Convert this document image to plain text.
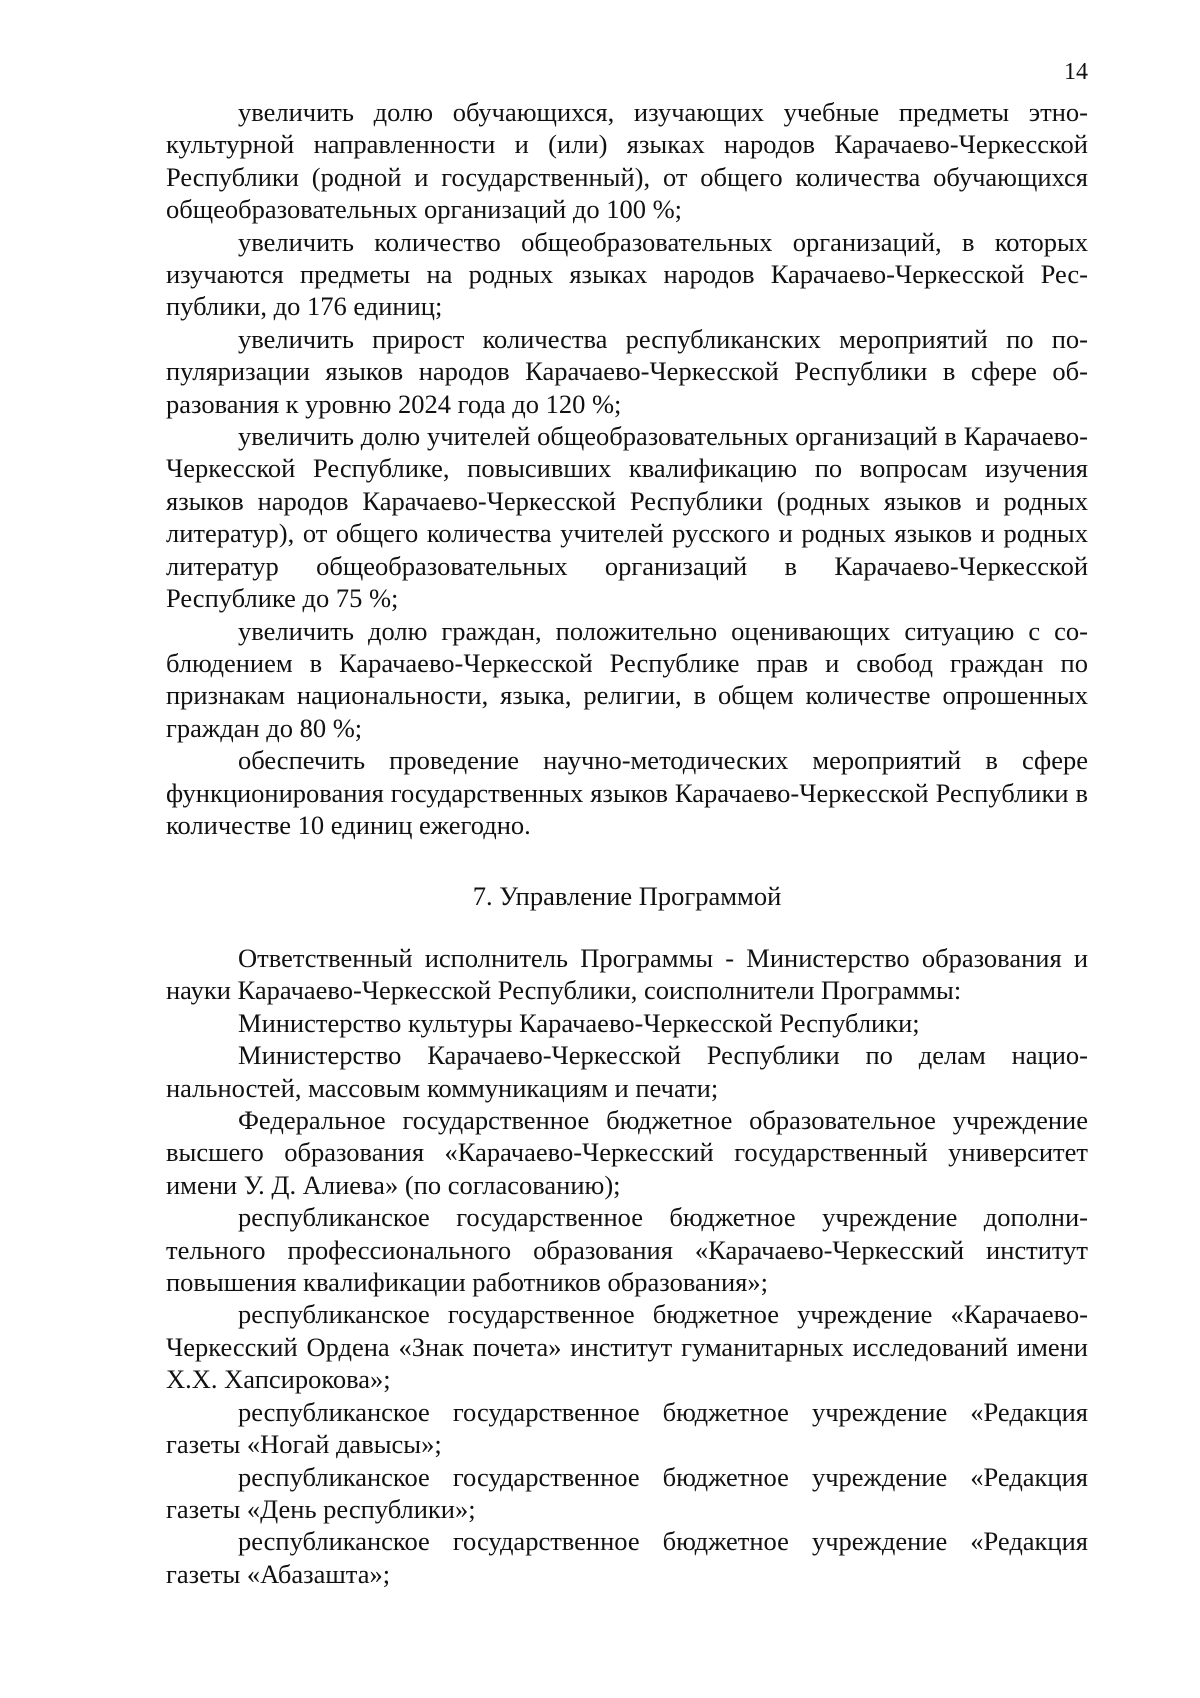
14

увеличить долю обучающихся, изучающих учебные предметы этнокультурной направленности и (или) языках народов Карачаево-Черкесской Республики (родной и государственный), от общего количества обучающихся общеобразовательных организаций до 100 %;

увеличить количество общеобразовательных организаций, в которых изучаются предметы на родных языках народов Карачаево-Черкесской Республики, до 176 единиц;

увеличить прирост количества республиканских мероприятий по популяризации языков народов Карачаево-Черкесской Республики в сфере образования к уровню 2024 года до 120 %;

увеличить долю учителей общеобразовательных организаций в Карачаево-Черкесской Республике, повысивших квалификацию по вопросам изучения языков народов Карачаево-Черкесской Республики (родных языков и родных литератур), от общего количества учителей русского и родных языков и родных литератур общеобразовательных организаций в Карачаево-Черкесской Республике до 75 %;

увеличить долю граждан, положительно оценивающих ситуацию с соблюдением в Карачаево-Черкесской Республике прав и свобод граждан по признакам национальности, языка, религии, в общем количестве опрошенных граждан до 80 %;

обеспечить проведение научно-методических мероприятий в сфере функционирования государственных языков Карачаево-Черкесской Республики в количестве 10 единиц ежегодно.

7. Управление Программой

Ответственный исполнитель Программы - Министерство образования и науки Карачаево-Черкесской Республики, соисполнители Программы:

Министерство культуры Карачаево-Черкесской Республики;

Министерство Карачаево-Черкесской Республики по делам национальностей, массовым коммуникациям и печати;

Федеральное государственное бюджетное образовательное учреждение высшего образования «Карачаево-Черкесский государственный университет имени У. Д. Алиева» (по согласованию);

республиканское государственное бюджетное учреждение дополнительного профессионального образования «Карачаево-Черкесский институт повышения квалификации работников образования»;

республиканское государственное бюджетное учреждение «Карачаево-Черкесский Ордена «Знак почета» институт гуманитарных исследований имени Х.Х. Хапсирокова»;

республиканское государственное бюджетное учреждение «Редакция газеты «Ногай давысы»;

республиканское государственное бюджетное учреждение «Редакция газеты «День республики»;

республиканское государственное бюджетное учреждение «Редакция газеты «Абазашта»;
